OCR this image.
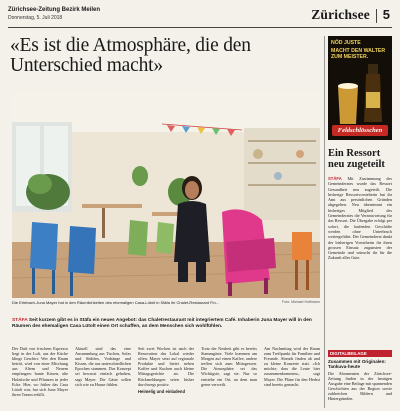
Zürichsee-Zeitung Bezirk Meilen
Donnerstag, 5. Juli 2018	Zürichsee 5
«Es ist die Atmosphäre, die den Unterschied macht»
Die Erlebach-Juna Mayer hat in den Räumlichkeiten des ehemaligen Casa-Lütolt in Stäfa ihr Chalet-Restaurant Fin...	Foto: Michael Hoffmann

STÄFA Seit kurzem gibt es in Stäfa ein neues Angebot: das Chaletrestaurant mit integriertem Café. Inhaberin Juna Mayer will in den Räumen des ehemaligen Casa Lütolt einen Ort schaffen, an dem Menschen sich wohlfühlen.

Der Duft von frischem Espresso liegt in der Luft, aus der Küche klingt Geschirr. Wer den Raum betritt, wird von einer Mischung aus Altem und Neuem empfangen: bunte Kissen, alte Holztische und Pflanzen in jeder Ecke. Hier, wo früher das Casa Lütolt war, hat sich Juna Mayer ihren Traum erfüllt.
Aktuell sind das eine Ansammlung aus Tischen, Sofas und Stühlen, Vorhänge und Kissen, die aus unterschiedlichen Epochen stammen. Das Konzept sei bewusst einfach gehalten, sagt Mayer. Die Gäste sollen sich wie zu Hause fühlen.
Seit zwei Wochen ist nach der Renovation das Lokal wieder offen. Mayer setzt auf regionale Produkte und bietet neben Kaffee und Kuchen auch kleine Mittagsgerichte an. Die Rückmeldungen seien bisher durchwegs positiv.
Heimelig und einladend
Trotz der Neuheit gibt es bereits Stammgäste. Viele kommen am Morgen auf einen Kaffee, andere treffen sich zum Mittagessen. Die Atmosphäre sei das Wichtigste, sagt sie. Nur so entstehe ein Ort, an dem man gerne verweilt.
Am Nachmittag wird der Raum zum Treffpunkt für Familien und Freunde. Abends finden ab und zu kleine Konzerte statt. «Ich möchte, dass die Leute hier zusammenkommen», sagt Mayer. Die Pläne für den Herbst sind bereits gemacht.
NÖD JUSTE
MACHT DEN WALTER ZUM MEISTER.
Feldschlösschen
Ein Ressort neu zugeteilt

STÄFA Mit Zustimmung des Gemeinderates wurde das Ressort Gesundheit neu zugeteilt. Die bisherige Ressortvorsteherin hat ihr Amt aus persönlichen Gründen abgegeben. Neu übernimmt ein bisheriges Mitglied des Gemeinderates die Verantwortung für das Ressort. Die Übergabe erfolgt per sofort, die laufenden Geschäfte werden ohne Unterbruch weitergeführt. Der Gemeinderat dankt der bisherigen Vorsteherin für ihren grossen Einsatz zugunsten der Gemeinde und wünscht ihr für die Zukunft alles Gute.

DIGITALBEILAGE
Zusammen mit Originalen: Tankuva-heute
Die Abonnenten der Zürichsee-Zeitung finden in der heutigen Ausgabe eine Beilage mit spannenden Geschichten aus der Region sowie zahlreichen Bildern und Hintergründen.
